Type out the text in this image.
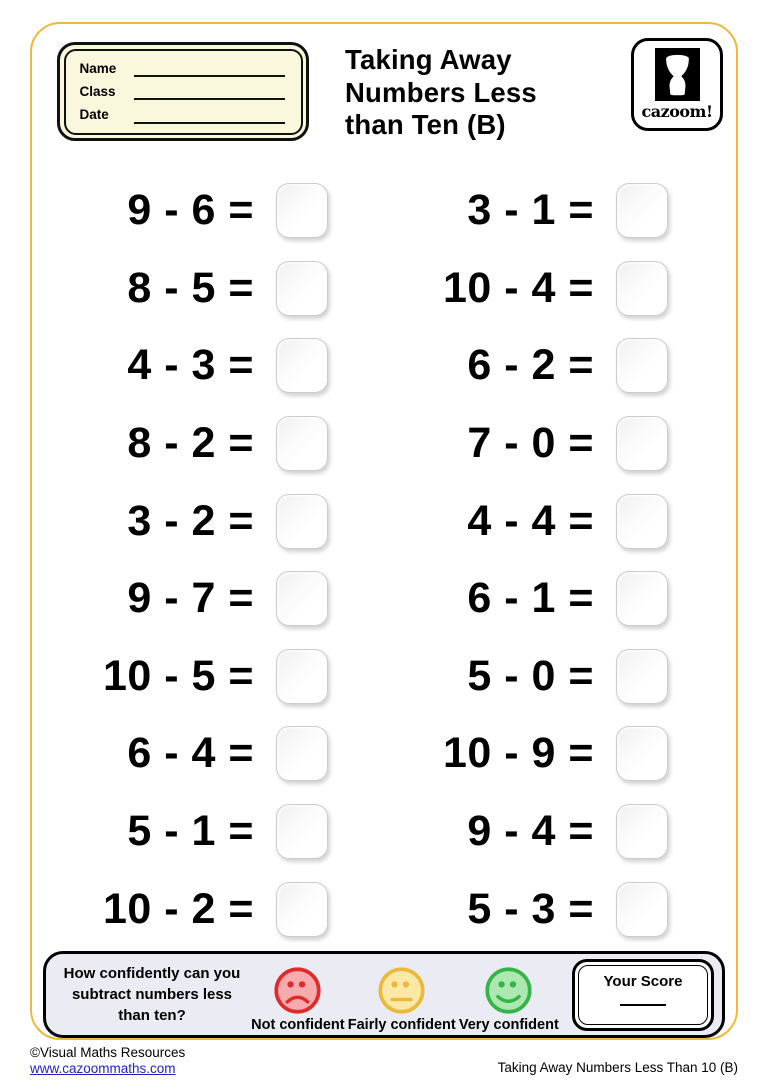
Name
Class
Date
Taking Away
Numbers Less
than Ten (B)	cazoom!
9 - 6 =
8 - 5 =
4 - 3 =
8 - 2 =
3 - 2 =
9 - 7 =
10 - 5 =
6 - 4 =
5 - 1 =
10 - 2 =
3 - 1 =
10 - 4 =
6 - 2 =
7 - 0 =
4 - 4 =
6 - 1 =
5 - 0 =
10 - 9 =
9 - 4 =
5 - 3 =
How confidently can you subtract numbers less than ten?
Not confident Fairly confident Very confident
Your Score
©Visual Maths Resources
www.cazoommaths.com	Taking Away Numbers Less Than 10 (B)
